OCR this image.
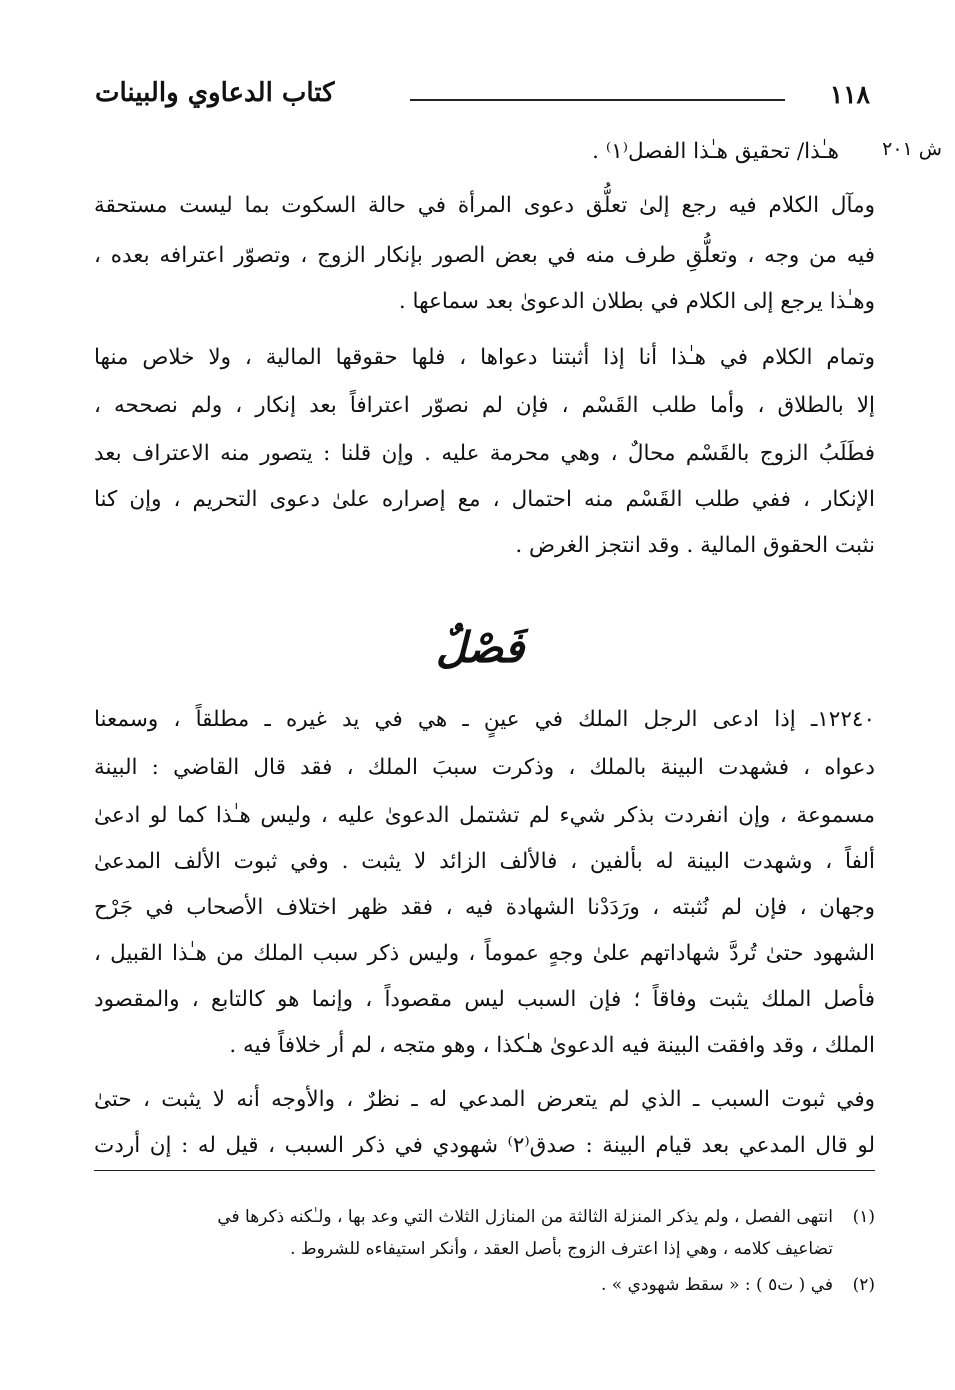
١١٨
كتاب الدعاوي والبينات
ش ٢٠١
هـٰذا/ تحقيق هـٰذا الفصل⁽١⁾ .
ومآل الكلام فيه رجع إلىٰ تعلُّق دعوى المرأة في حالة السكوت بما ليست مستحقة
فيه من وجه ، وتعلُّقِ طرف منه في بعض الصور بإنكار الزوج ، وتصوّر اعترافه بعده ،
وهـٰذا يرجع إلى الكلام في بطلان الدعوىٰ بعد سماعها .
وتمام الكلام في هـٰذا أنا إذا أثبتنا دعواها ، فلها حقوقها المالية ، ولا خلاص منها
إلا بالطلاق ، وأما طلب القَسْم ، فإن لم نصوّر اعترافاً بعد إنكار ، ولم نصححه ،
فطَلَبُ الزوج بالقَسْم محالٌ ، وهي محرمة عليه . وإن قلنا : يتصور منه الاعتراف بعد
الإنكار ، ففي طلب القَسْم منه احتمال ، مع إصراره علىٰ دعوى التحريم ، وإن كنا
نثبت الحقوق المالية . وقد انتجز الغرض .
فَصْلٌ
١٢٢٤٠ـ إذا ادعى الرجل الملك في عينٍ ـ هي في يد غيره ـ مطلقاً ، وسمعنا
دعواه ، فشهدت البينة بالملك ، وذكرت سببَ الملك ، فقد قال القاضي : البينة
مسموعة ، وإن انفردت بذكر شيء لم تشتمل الدعوىٰ عليه ، وليس هـٰذا كما لو ادعىٰ
ألفاً ، وشهدت البينة له بألفين ، فالألف الزائد لا يثبت . وفي ثبوت الألف المدعىٰ
وجهان ، فإن لم نُثبته ، ورَدَدْنا الشهادة فيه ، فقد ظهر اختلاف الأصحاب في جَرْح
الشهود حتىٰ تُردَّ شهاداتهم علىٰ وجهٍ عموماً ، وليس ذكر سبب الملك من هـٰذا القبيل ،
فأصل الملك يثبت وفاقاً ؛ فإن السبب ليس مقصوداً ، وإنما هو كالتابع ، والمقصود
الملك ، وقد وافقت البينة فيه الدعوىٰ هـٰكذا ، وهو متجه ، لم أر خلافاً فيه .
وفي ثبوت السبب ـ الذي لم يتعرض المدعي له ـ نظرٌ ، والأوجه أنه لا يثبت ، حتىٰ
لو قال المدعي بعد قيام البينة : صدق⁽٢⁾ شهودي في ذكر السبب ، قيل له : إن أردت
(١)انتهى الفصل ، ولم يذكر المنزلة الثالثة من المنازل الثلاث التي وعد بها ، ولـٰكنه ذكرها في
تضاعيف كلامه ، وهي إذا اعترف الزوج بأصل العقد ، وأنكر استيفاءه للشروط .
(٢)في ( ت٥ ) : « سقط شهودي » .
